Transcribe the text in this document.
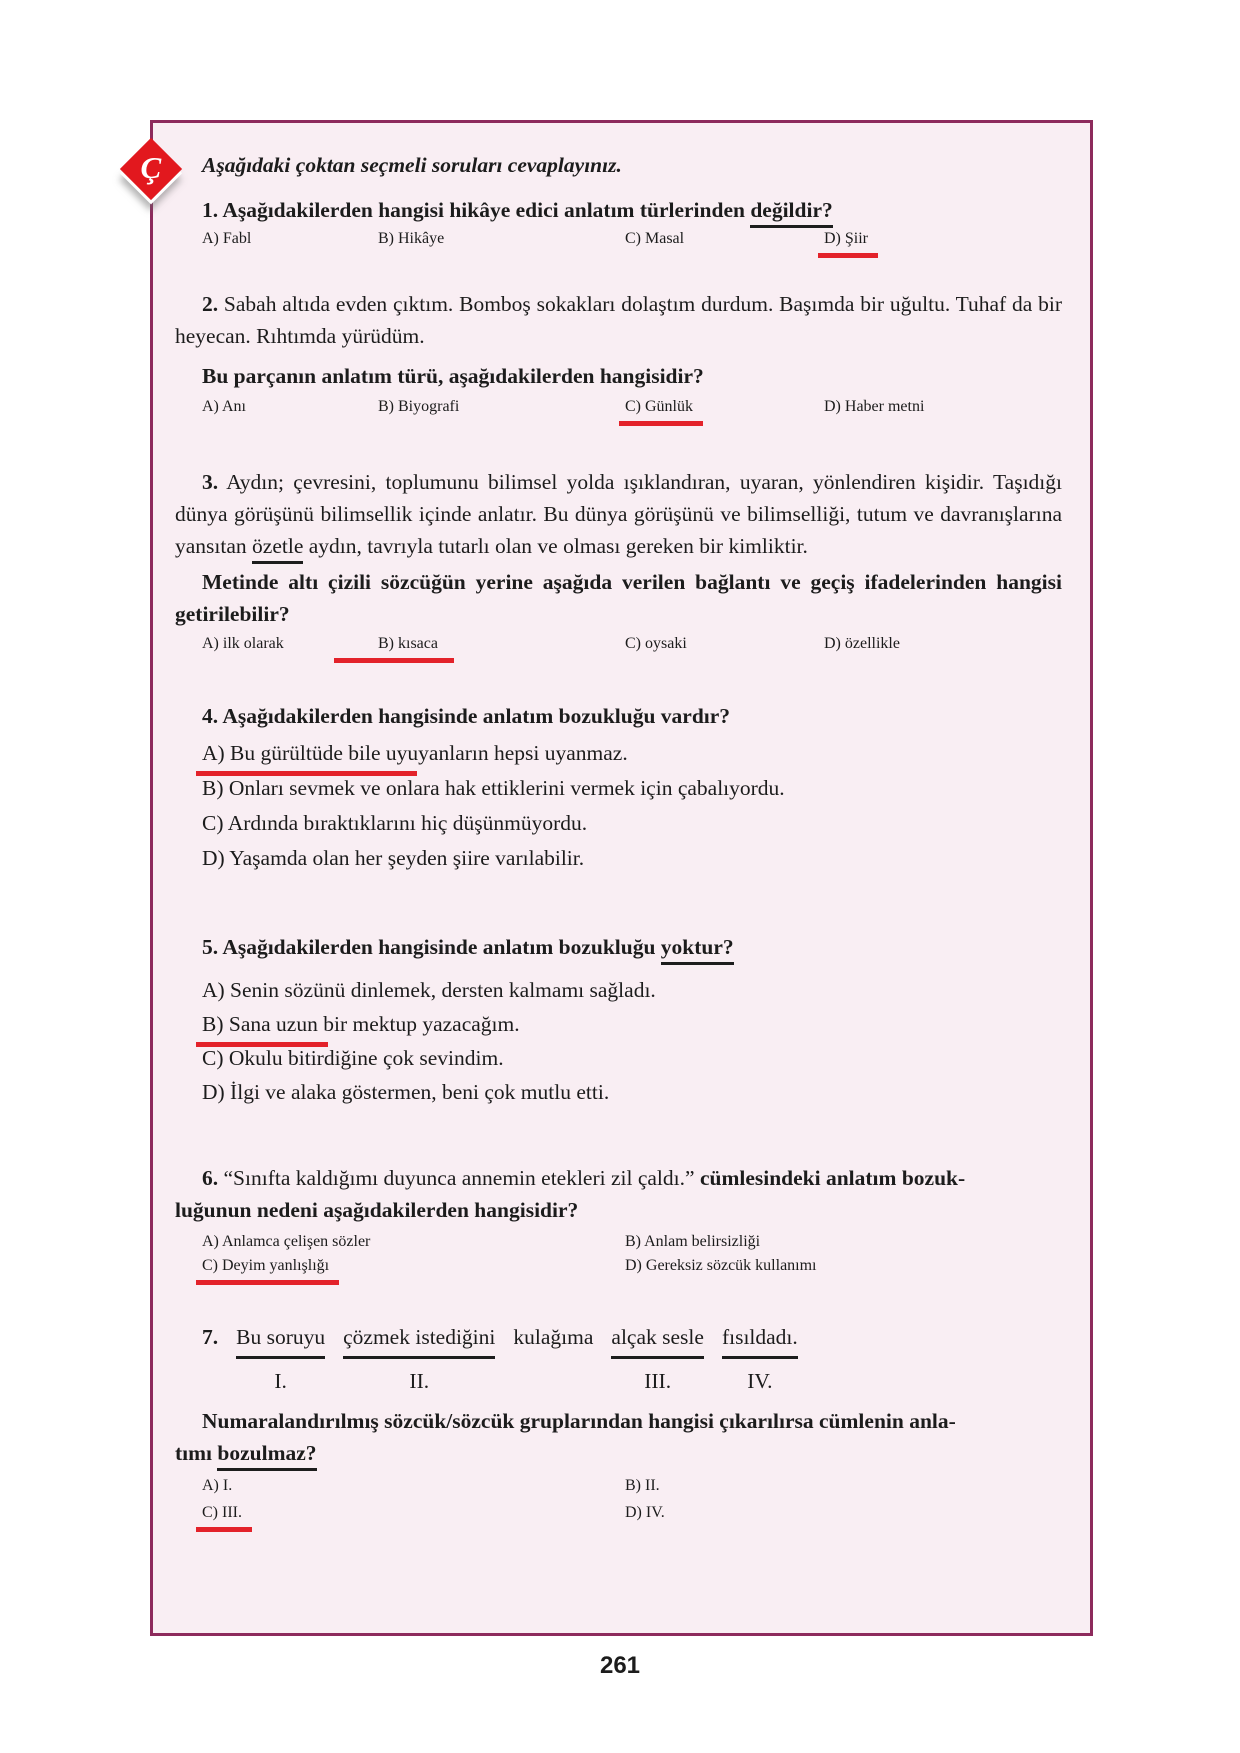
Ç Aşağıdaki çoktan seçmeli soruları cevaplayınız.

1. Aşağıdakilerden hangisi hikâye edici anlatım türlerinden değildir?

A) Fabl	B) Hikâye	C) Masal	D) Şiir

2. Sabah altıda evden çıktım. Bomboş sokakları dolaştım durdum. Başımda bir uğultu. Tuhaf da bir heyecan. Rıhtımda yürüdüm.

Bu parçanın anlatım türü, aşağıdakilerden hangisidir?

A) Anı	B) Biyografi	C) Günlük	D) Haber metni

3. Aydın; çevresini, toplumunu bilimsel yolda ışıklandıran, uyaran, yönlendiren kişidir. Taşıdığı dünya görüşünü bilimsellik içinde anlatır. Bu dünya görüşünü ve bilimselliği, tutum ve davranışlarına yansıtan özetle aydın, tavrıyla tutarlı olan ve olması gereken bir kimliktir.

Metinde altı çizili sözcüğün yerine aşağıda verilen bağlantı ve geçiş ifadelerinden hangisi getirilebilir?

A) ilk olarak	B) kısaca	C) oysaki	D) özellikle

4. Aşağıdakilerden hangisinde anlatım bozukluğu vardır?

A) Bu gürültüde bile uyuyanların hepsi uyanmaz.

B) Onları sevmek ve onlara hak ettiklerini vermek için çabalıyordu.

C) Ardında bıraktıklarını hiç düşünmüyordu.

D) Yaşamda olan her şeyden şiire varılabilir.

5. Aşağıdakilerden hangisinde anlatım bozukluğu yoktur?

A) Senin sözünü dinlemek, dersten kalmamı sağladı.

B) Sana uzun bir mektup yazacağım.

C) Okulu bitirdiğine çok sevindim.

D) İlgi ve alaka göstermen, beni çok mutlu etti.

6. “Sınıfta kaldığımı duyunca annemin etekleri zil çaldı.” cümlesindeki anlatım bozuk-
luğunun nedeni aşağıdakilerden hangisidir?

A) Anlamca çelişen sözler	B) Anlam belirsizliği
C) Deyim yanlışlığı	D) Gereksiz sözcük kullanımı
7. Bu soruyu
I.
çözmek istediğini
II.
kulağıma alçak sesle
III.
fısıldadı.
IV.

Numaralandırılmış sözcük/sözcük gruplarından hangisi çıkarılırsa cümlenin anla-
tımı bozulmaz?

A) I.	B) II.
C) III.	D) IV.
261
